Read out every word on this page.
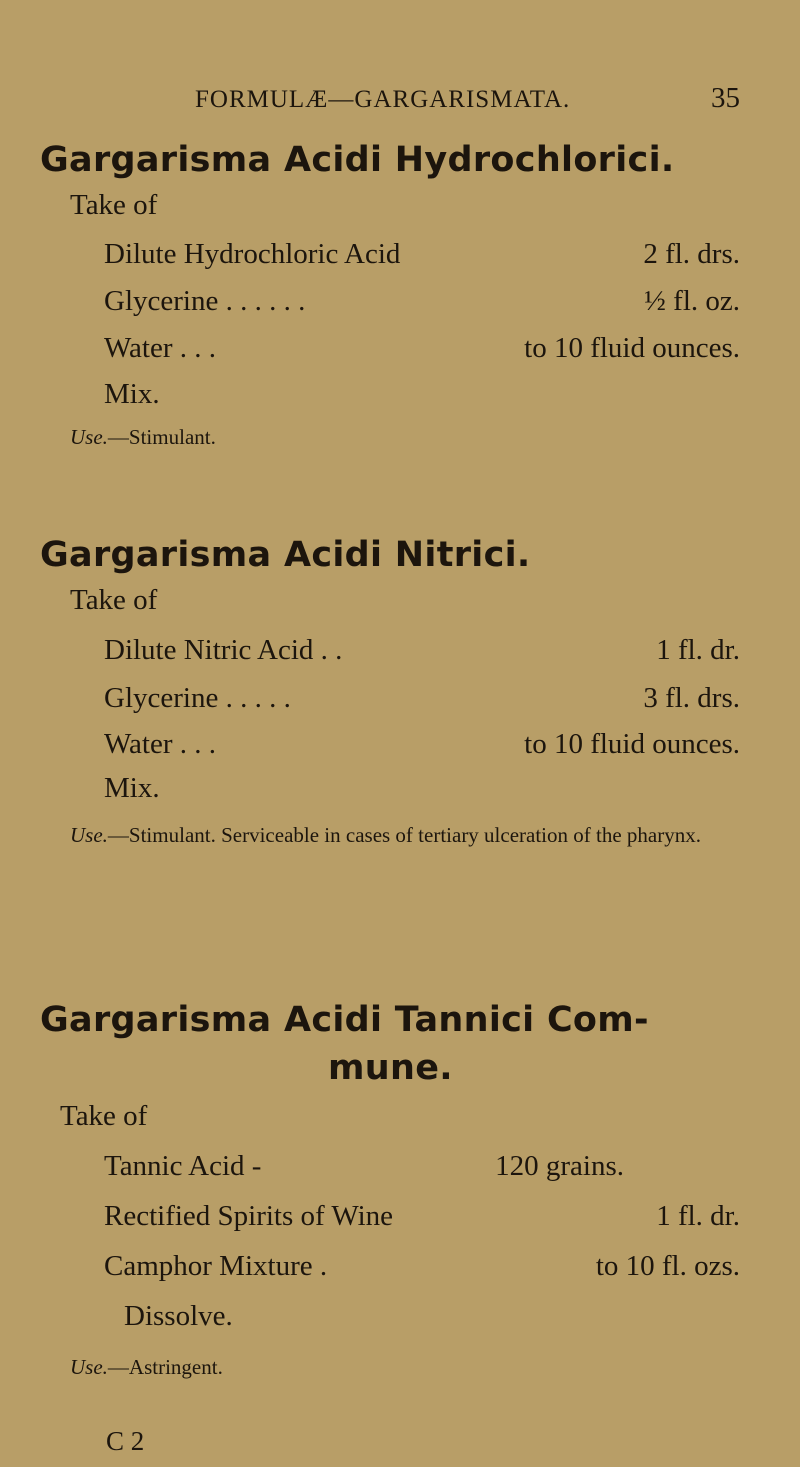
FORMULÆ—GARGARISMATA.	35
Gargarisma Acidi Hydrochlorici.
Take of
Dilute Hydrochloric Acid	2 fl. drs.
Glycerine . . . . . .	½ fl. oz.
Water . . .	to 10 fluid ounces.
Mix.
Use.—Stimulant.
Gargarisma Acidi Nitrici.
Take of
Dilute Nitric Acid . .	1 fl. dr.
Glycerine . . . . .	3 fl. drs.
Water . . .	to 10 fluid ounces.
Mix.
Use.—Stimulant. Serviceable in cases of tertiary ulceration of the pharynx.
Gargarisma Acidi Tannici Com-
mune.
Take of
Tannic Acid -	120 grains.
Rectified Spirits of Wine	1 fl. dr.
Camphor Mixture .	to 10 fl. ozs.
Dissolve.
Use.—Astringent.
C 2
